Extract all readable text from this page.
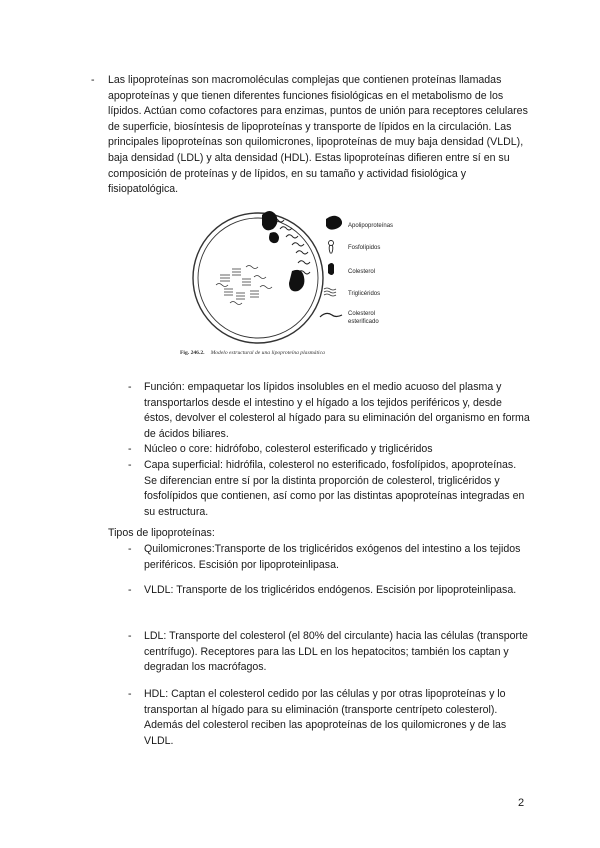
- Las lipoproteínas son macromoléculas complejas que contienen proteínas llamadas apoproteínas y que tienen diferentes funciones fisiológicas en el metabolismo de los lípidos. Actúan como cofactores para enzimas, puntos de unión para receptores celulares de superficie, biosíntesis de lipoproteínas y transporte de lípidos en la circulación. Las principales lipoproteínas son quilomicrones, lipoproteínas de muy baja densidad (VLDL), baja densidad (LDL) y alta densidad (HDL). Estas lipoproteínas difieren entre sí en su composición de proteínas y de lípidos, en su tamaño y actividad fisiológica y fisiopatológica.

Apolipoproteínas
Fosfolípidos
Colesterol
Triglicéridos
Colesterol
esterificado
Fig. 246.2. Modelo estructural de una lipoproteína plasmática
- Función: empaquetar los lípidos insolubles en el medio acuoso del plasma y transportarlos desde el intestino y el hígado a los tejidos periféricos y, desde éstos, devolver el colesterol al hígado para su eliminación del organismo en forma de ácidos biliares.

- Núcleo o core: hidrófobo, colesterol esterificado y triglicéridos

- Capa superficial: hidrófila, colesterol no esterificado, fosfolípidos, apoproteínas. Se diferencian entre sí por la distinta proporción de colesterol, triglicéridos y fosfolípidos que contienen, así como por las distintas apoproteínas integradas en su estructura.

Tipos de lipoproteínas:
- Quilomicrones:Transporte de los triglicéridos exógenos del intestino a los tejidos periféricos. Escisión por lipoproteinlipasa.

- VLDL: Transporte de los triglicéridos endógenos. Escisión por lipoproteinlipasa.

- LDL: Transporte del colesterol (el 80% del circulante) hacia las células (transporte centrífugo). Receptores para las LDL en los hepatocitos; también los captan y degradan los macrófagos.

- HDL: Captan el colesterol cedido por las células y por otras lipoproteínas y lo transportan al hígado para su eliminación (transporte centrípeto colesterol). Además del colesterol reciben las apoproteínas de los quilomicrones y de las VLDL.

2
